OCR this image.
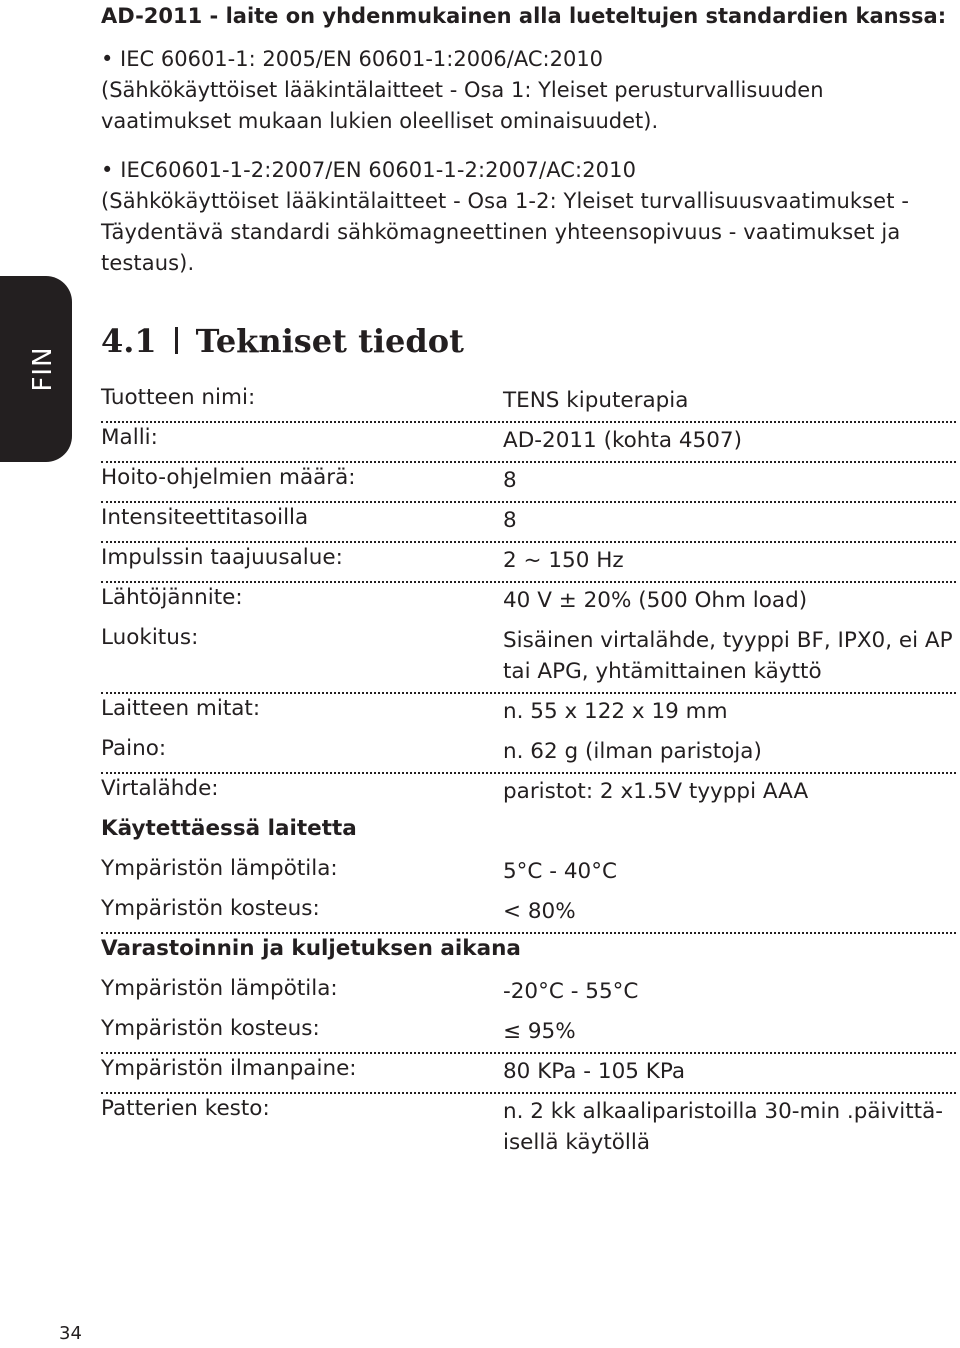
FIN
AD-2011 - laite on yhdenmukainen alla lueteltujen standardien kanssa:
• IEC 60601-1: 2005/EN 60601-1:2006/AC:2010
(Sähkökäyttöiset lääkintälaitteet - Osa 1: Yleiset perusturvallisuuden
vaatimukset mukaan lukien oleelliset ominaisuudet).
• IEC60601-1-2:2007/EN 60601-1-2:2007/AC:2010
(Sähkökäyttöiset lääkintälaitteet - Osa 1-2: Yleiset turvallisuusvaatimukset -
Täydentävä standardi sähkömagneettinen yhteensopivuus - vaatimukset ja
testaus).
4.1 Tekniset tiedot
Tuotteen nimi:	TENS kiputerapia
Malli:	AD-2011 (kohta 4507)
Hoito-ohjelmien määrä:	8
Intensiteettitasoilla	8
Impulssin taajuusalue:	2 ~ 150 Hz
Lähtöjännite:	40 V ± 20% (500 Ohm load)
Luokitus:	Sisäinen virtalähde, tyyppi BF, IPX0, ei AP
tai APG, yhtämittainen käyttö
Laitteen mitat:	n. 55 x 122 x 19 mm
Paino:	n. 62 g (ilman paristoja)
Virtalähde:	paristot: 2 x1.5V tyyppi AAA
Käytettäessä laitetta
Ympäristön lämpötila:	5°C - 40°C
Ympäristön kosteus:	< 80%
Varastoinnin ja kuljetuksen aikana
Ympäristön lämpötila:	-20°C - 55°C
Ympäristön kosteus:	≤ 95%
Ympäristön ilmanpaine:	80 KPa - 105 KPa
Patterien kesto:	n. 2 kk alkaaliparistoilla 30-min .päivittä-
isellä käytöllä
34
